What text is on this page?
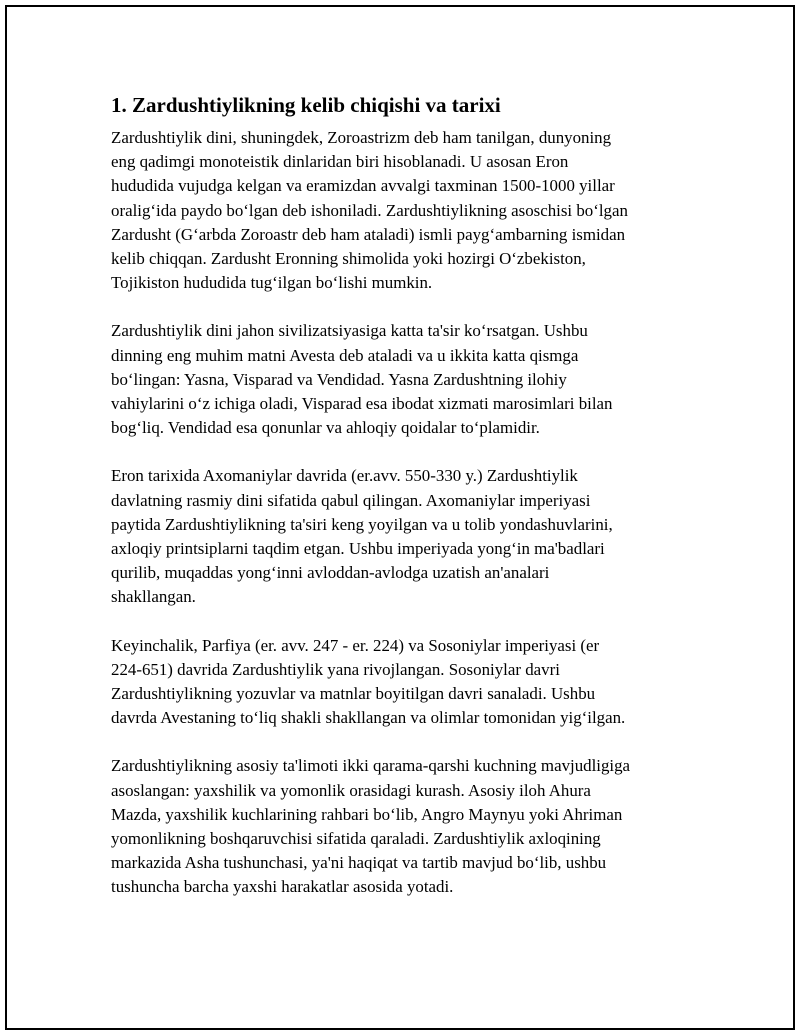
1. Zardushtiylikning kelib chiqishi va tarixi

Zardushtiylik dini, shuningdek, Zoroastrizm deb ham tanilgan, dunyoning
eng qadimgi monoteistik dinlaridan biri hisoblanadi. U asosan Eron
hududida vujudga kelgan va eramizdan avvalgi taxminan 1500-1000 yillar
oralig‘ida paydo bo‘lgan deb ishoniladi. Zardushtiylikning asoschisi bo‘lgan
Zardusht (G‘arbda Zoroastr deb ham ataladi) ismli payg‘ambarning ismidan
kelib chiqqan. Zardusht Eronning shimolida yoki hozirgi O‘zbekiston,
Tojikiston hududida tug‘ilgan bo‘lishi mumkin.

Zardushtiylik dini jahon sivilizatsiyasiga katta ta'sir ko‘rsatgan. Ushbu
dinning eng muhim matni Avesta deb ataladi va u ikkita katta qismga
bo‘lingan: Yasna, Visparad va Vendidad. Yasna Zardushtning ilohiy
vahiylarini o‘z ichiga oladi, Visparad esa ibodat xizmati marosimlari bilan
bog‘liq. Vendidad esa qonunlar va ahloqiy qoidalar to‘plamidir.

Eron tarixida Axomaniylar davrida (er.avv. 550-330 y.) Zardushtiylik
davlatning rasmiy dini sifatida qabul qilingan. Axomaniylar imperiyasi
paytida Zardushtiylikning ta'siri keng yoyilgan va u tolib yondashuvlarini,
axloqiy printsiplarni taqdim etgan. Ushbu imperiyada yong‘in ma'badlari
qurilib, muqaddas yong‘inni avloddan-avlodga uzatish an'analari
shakllangan.

Keyinchalik, Parfiya (er. avv. 247 - er. 224) va Sosoniylar imperiyasi (er
224-651) davrida Zardushtiylik yana rivojlangan. Sosoniylar davri
Zardushtiylikning yozuvlar va matnlar boyitilgan davri sanaladi. Ushbu
davrda Avestaning to‘liq shakli shakllangan va olimlar tomonidan yig‘ilgan.

Zardushtiylikning asosiy ta'limoti ikki qarama-qarshi kuchning mavjudligiga
asoslangan: yaxshilik va yomonlik orasidagi kurash. Asosiy iloh Ahura
Mazda, yaxshilik kuchlarining rahbari bo‘lib, Angro Maynyu yoki Ahriman
yomonlikning boshqaruvchisi sifatida qaraladi. Zardushtiylik axloqining
markazida Asha tushunchasi, ya'ni haqiqat va tartib mavjud bo‘lib, ushbu
tushuncha barcha yaxshi harakatlar asosida yotadi.
